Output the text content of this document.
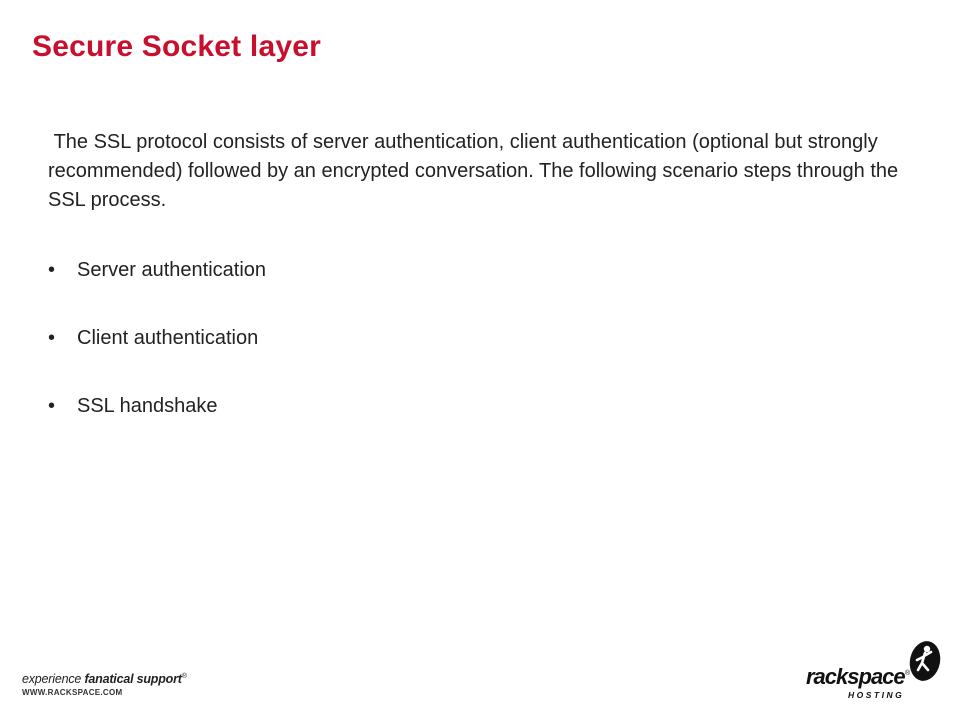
Secure Socket layer

The SSL protocol consists of server authentication, client authentication (optional but strongly recommended) followed by an encrypted conversation. The following scenario steps through the SSL process.

•	Server authentication
•	Client authentication
•	SSL handshake
experience fanatical support®
WWW.RACKSPACE.COM
rackspace ®
HOSTING
